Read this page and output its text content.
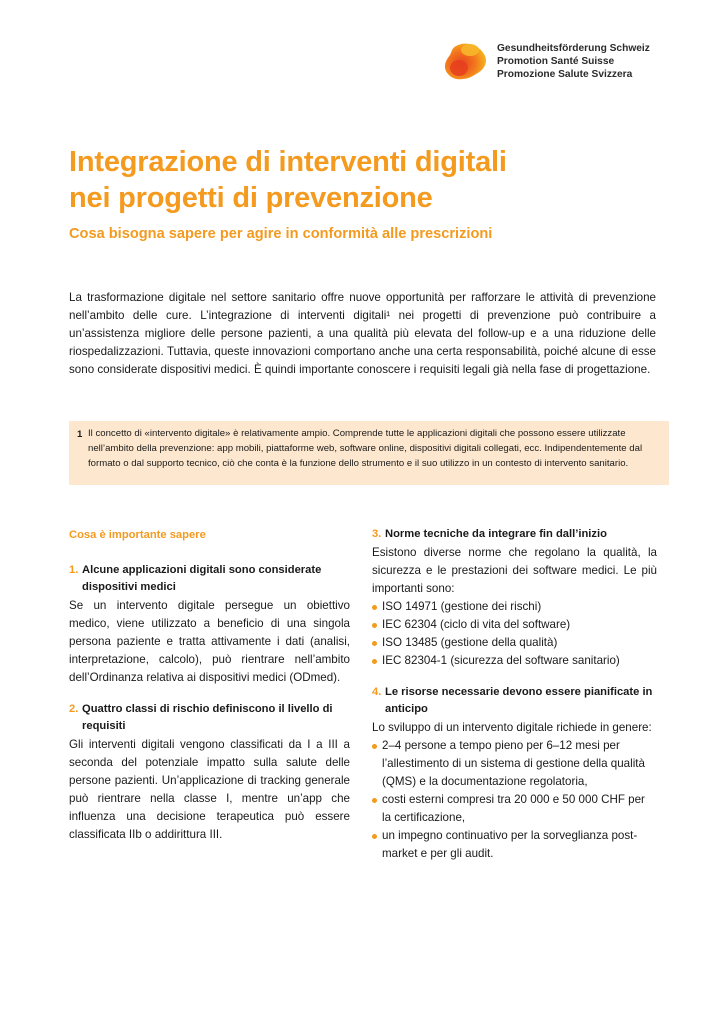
Gesundheitsförderung Schweiz
Promotion Santé Suisse
Promozione Salute Svizzera
Integrazione di interventi digitali
nei progetti di prevenzione
Cosa bisogna sapere per agire in conformità alle prescrizioni

La trasformazione digitale nel settore sanitario offre nuove opportunità per rafforzare le attività di prevenzione nell’ambito delle cure. L’integrazione di interventi digitali¹ nei progetti di prevenzione può contribuire a un’assistenza migliore delle persone pazienti, a una qualità più elevata del follow-up e a una riduzione delle riospedalizzazioni. Tuttavia, queste innovazioni comportano anche una certa responsabilità, poiché alcune di esse sono considerate dispositivi medici. È quindi importante conoscere i requisiti legali già nella fase di progettazione.

1 Il concetto di «intervento digitale» è relativamente ampio. Comprende tutte le applicazioni digitali che possono essere utilizzate nell’ambito della prevenzione: app mobili, piattaforme web, software online, dispositivi digitali collegati, ecc. Indipendentemente dal formato o dal supporto tecnico, ciò che conta è la funzione dello strumento e il suo utilizzo in un contesto di intervento sanitario.
Cosa è importante sapere
1. Alcune applicazioni digitali sono considerate dispositivi medici
Se un intervento digitale persegue un obiettivo medico, viene utilizzato a beneficio di una singola persona paziente e tratta attivamente i dati (analisi, interpretazione, calcolo), può rientrare nell’ambito dell’Ordinanza relativa ai dispositivi medici (ODmed).
2. Quattro classi di rischio definiscono il livello di requisiti
Gli interventi digitali vengono classificati da I a III a seconda del potenziale impatto sulla salute delle persone pazienti. Un’applicazione di tracking generale può rientrare nella classe I, mentre un’app che influenza una decisione terapeutica può essere classificata IIb o addirittura III.
3. Norme tecniche da integrare fin dall’inizio
Esistono diverse norme che regolano la qualità, la sicurezza e le prestazioni dei software medici. Le più importanti sono:
ISO 14971 (gestione dei rischi)
IEC 62304 (ciclo di vita del software)
ISO 13485 (gestione della qualità)
IEC 82304-1 (sicurezza del software sanitario)
4. Le risorse necessarie devono essere pianificate in anticipo
Lo sviluppo di un intervento digitale richiede in genere:
2–4 persone a tempo pieno per 6–12 mesi per l’allestimento di un sistema di gestione della qualità (QMS) e la documentazione regolatoria,
costi esterni compresi tra 20 000 e 50 000 CHF per la certificazione,
un impegno continuativo per la sorveglianza post-market e per gli audit.
